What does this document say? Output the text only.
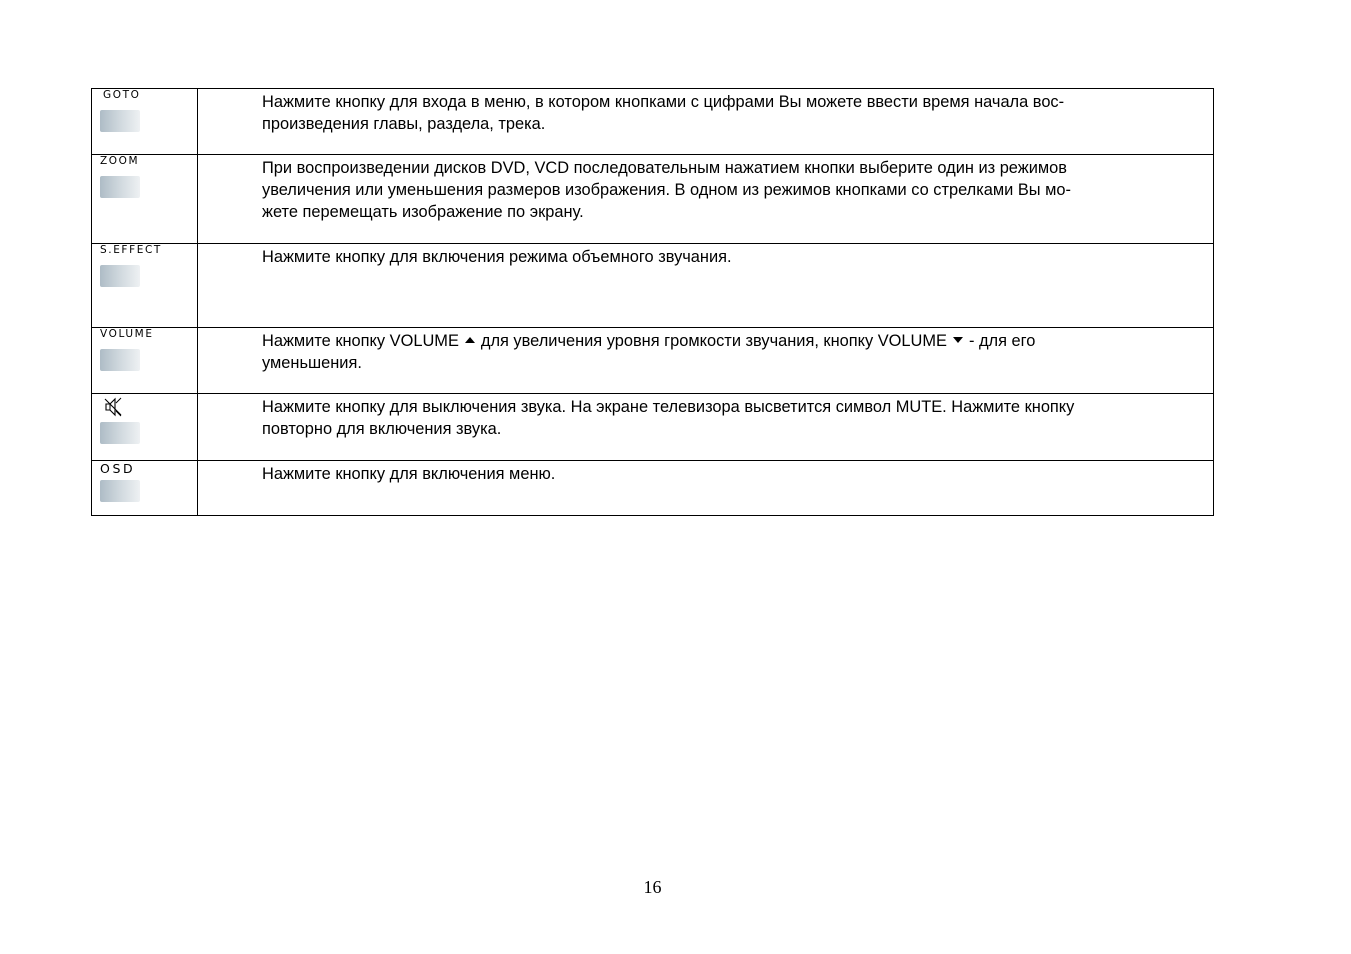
GOTO	Нажмите кнопку для входа в меню, в котором кнопками с цифрами Вы можете ввести время начала вос-
произведения главы, раздела, трека.

ZOOM	При воспроизведении дисков DVD, VCD последовательным нажатием кнопки выберите один из режимов
увеличения или уменьшения размеров изображения. В одном из режимов кнопками со стрелками Вы мо-
жете перемещать изображение по экрану.

S.EFFECT	Нажмите кнопку для включения режима объемного звучания.

VOLUME	Нажмите кнопку VOLUME для увеличения уровня громкости звучания, кнопку VOLUME - для его
уменьшения.

	Нажмите кнопку для выключения звука. На экране телевизора высветится символ MUTE. Нажмите кнопку
повторно для включения звука.

OSD	Нажмите кнопку для включения меню.
16
